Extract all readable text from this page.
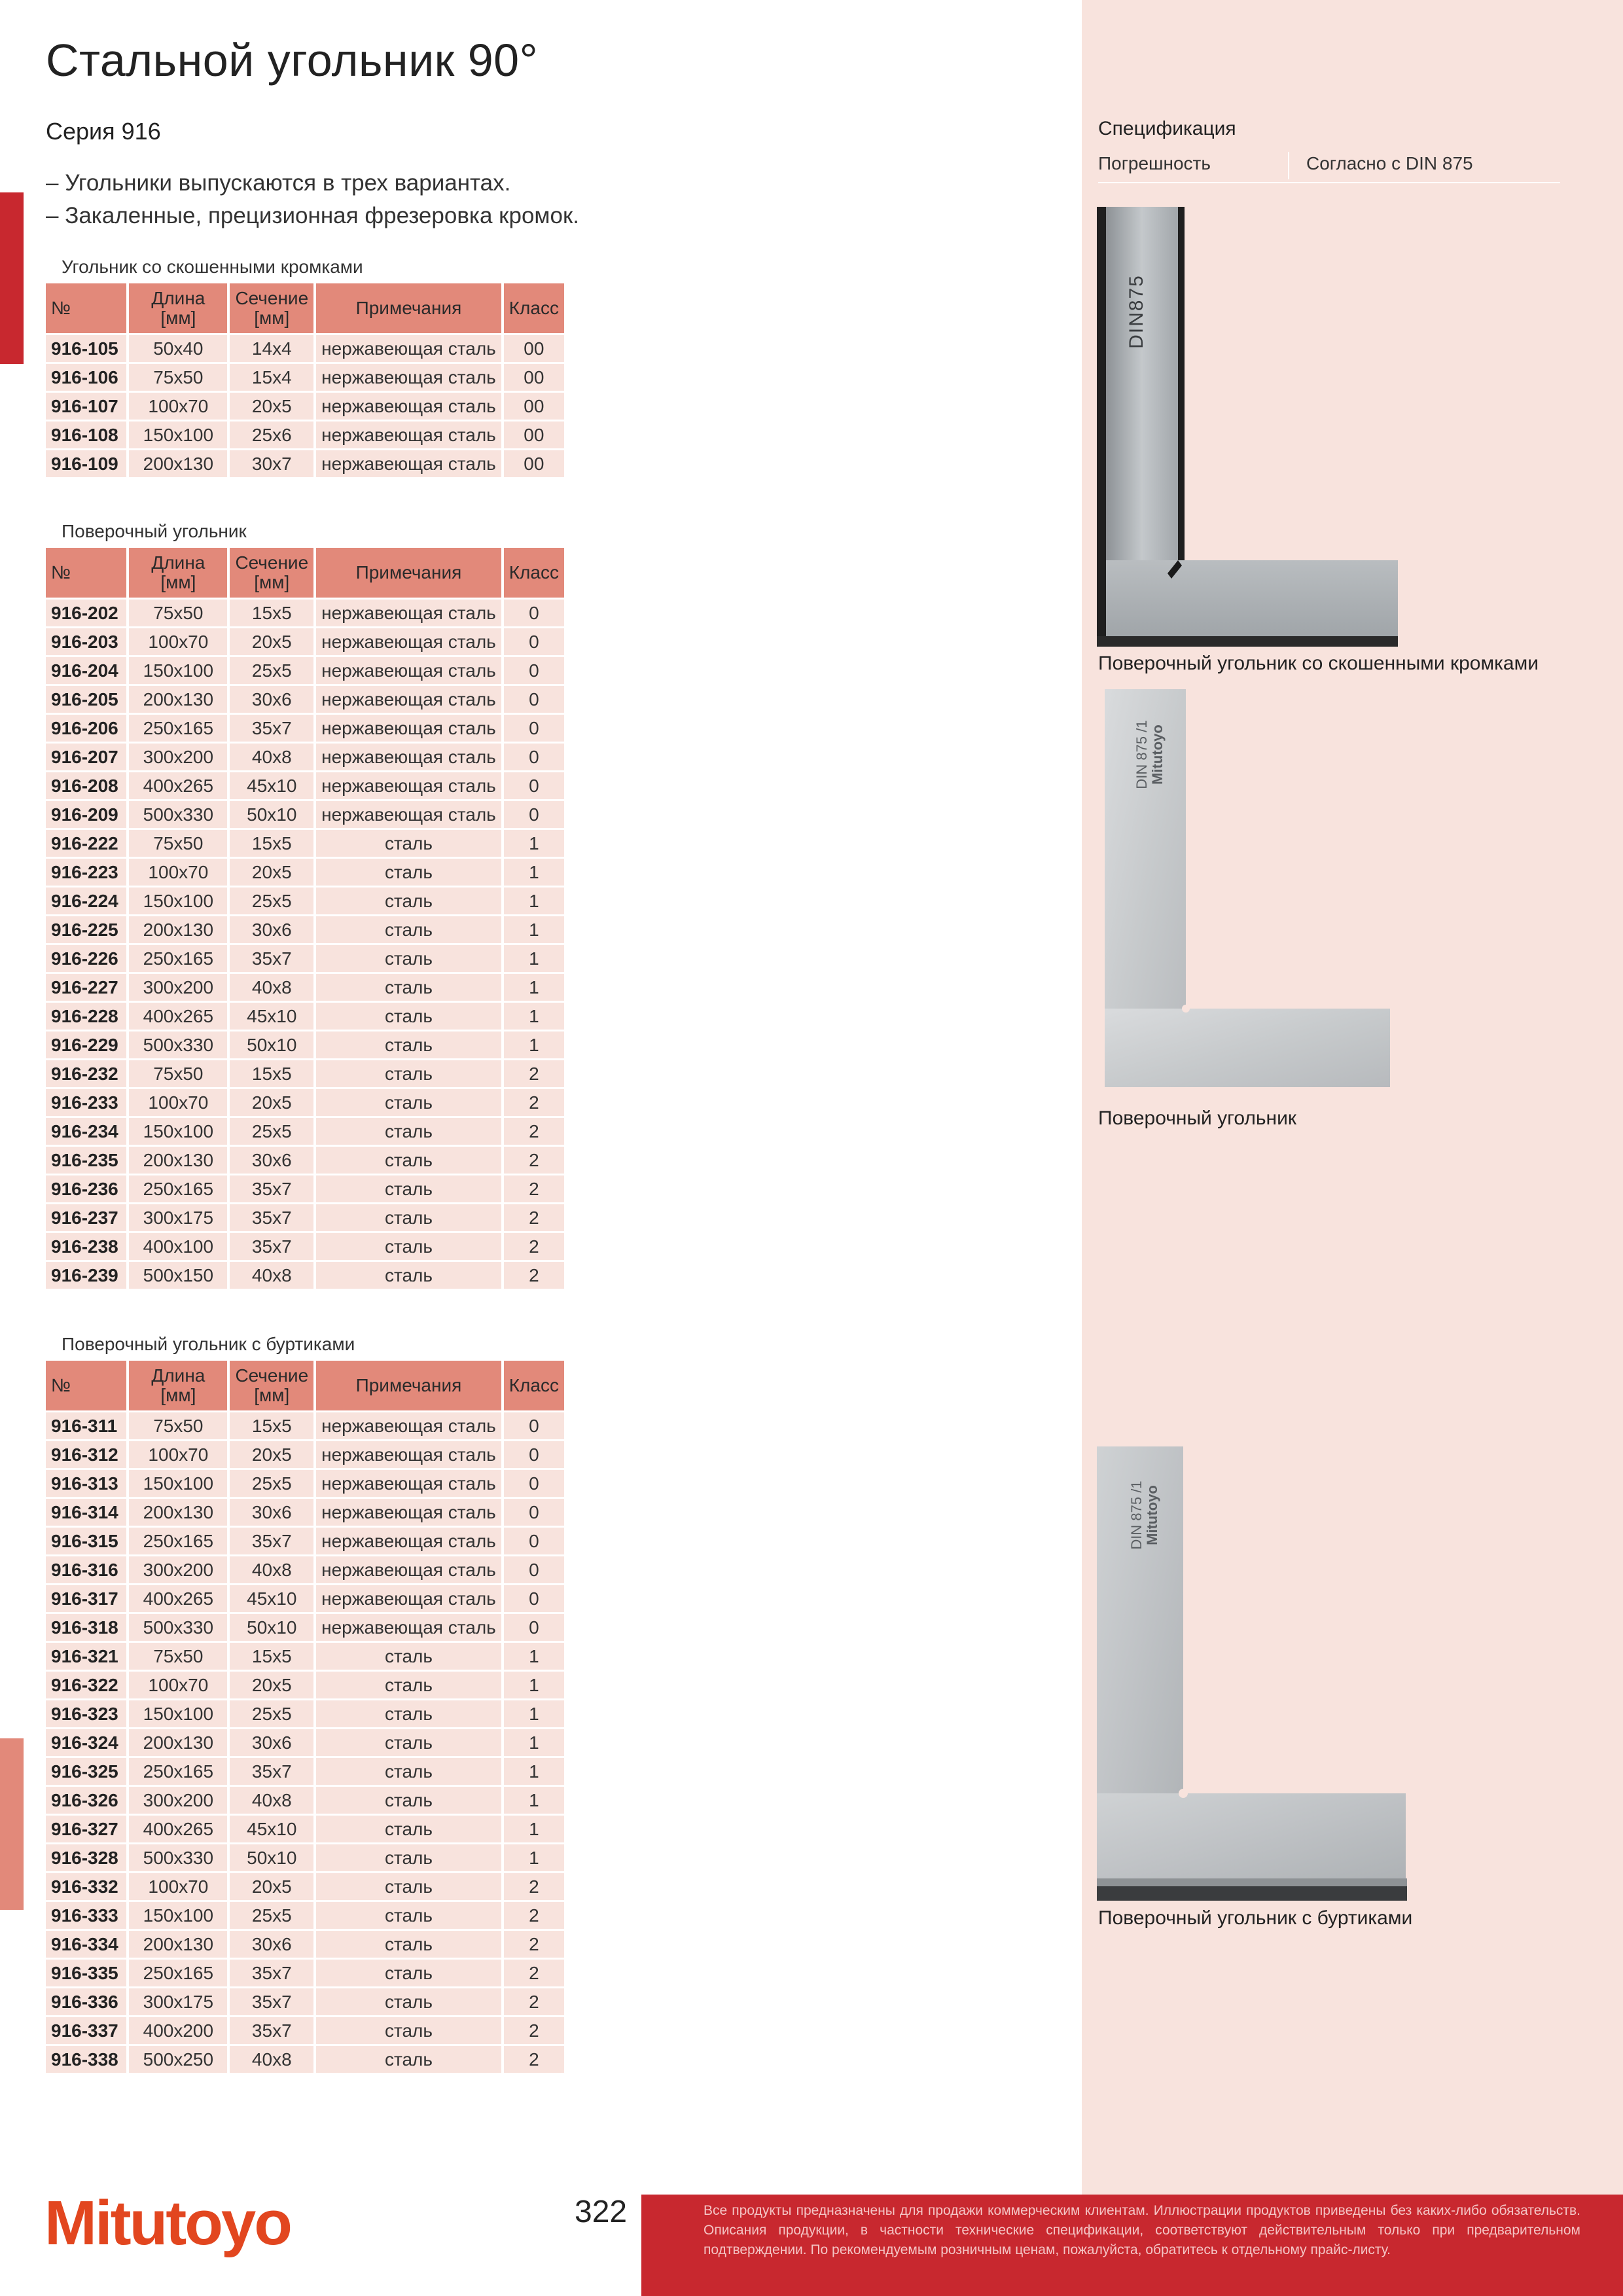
Стальной угольник 90°
Серия 916
– Угольники выпускаются в трех вариантах.
– Закаленные, прецизионная фрезеровка кромок.
Угольник со скошенными кромками
№	Длина [мм]	Сечение [мм]	Примечания	Класс
916-105	50x40	14x4	нержавеющая сталь	00
916-106	75x50	15x4	нержавеющая сталь	00
916-107	100x70	20x5	нержавеющая сталь	00
916-108	150x100	25x6	нержавеющая сталь	00
916-109	200x130	30x7	нержавеющая сталь	00
Поверочный угольник
№	Длина [мм]	Сечение [мм]	Примечания	Класс
916-202	75x50	15x5	нержавеющая сталь	0
916-203	100x70	20x5	нержавеющая сталь	0
916-204	150x100	25x5	нержавеющая сталь	0
916-205	200x130	30x6	нержавеющая сталь	0
916-206	250x165	35x7	нержавеющая сталь	0
916-207	300x200	40x8	нержавеющая сталь	0
916-208	400x265	45x10	нержавеющая сталь	0
916-209	500x330	50x10	нержавеющая сталь	0
916-222	75x50	15x5	сталь	1
916-223	100x70	20x5	сталь	1
916-224	150x100	25x5	сталь	1
916-225	200x130	30x6	сталь	1
916-226	250x165	35x7	сталь	1
916-227	300x200	40x8	сталь	1
916-228	400x265	45x10	сталь	1
916-229	500x330	50x10	сталь	1
916-232	75x50	15x5	сталь	2
916-233	100x70	20x5	сталь	2
916-234	150x100	25x5	сталь	2
916-235	200x130	30x6	сталь	2
916-236	250x165	35x7	сталь	2
916-237	300x175	35x7	сталь	2
916-238	400x100	35x7	сталь	2
916-239	500x150	40x8	сталь	2
Поверочный угольник с буртиками
№	Длина [мм]	Сечение [мм]	Примечания	Класс
916-311	75x50	15x5	нержавеющая сталь	0
916-312	100x70	20x5	нержавеющая сталь	0
916-313	150x100	25x5	нержавеющая сталь	0
916-314	200x130	30x6	нержавеющая сталь	0
916-315	250x165	35x7	нержавеющая сталь	0
916-316	300x200	40x8	нержавеющая сталь	0
916-317	400x265	45x10	нержавеющая сталь	0
916-318	500x330	50x10	нержавеющая сталь	0
916-321	75x50	15x5	сталь	1
916-322	100x70	20x5	сталь	1
916-323	150x100	25x5	сталь	1
916-324	200x130	30x6	сталь	1
916-325	250x165	35x7	сталь	1
916-326	300x200	40x8	сталь	1
916-327	400x265	45x10	сталь	1
916-328	500x330	50x10	сталь	1
916-332	100x70	20x5	сталь	2
916-333	150x100	25x5	сталь	2
916-334	200x130	30x6	сталь	2
916-335	250x165	35x7	сталь	2
916-336	300x175	35x7	сталь	2
916-337	400x200	35x7	сталь	2
916-338	500x250	40x8	сталь	2
Спецификация
Погрешность	Согласно с DIN 875
DIN875
Поверочный угольник со скошенными кромками
DIN 875 /1 Mitutoyo
Поверочный угольник
DIN 875 /1 Mitutoyo
Поверочный угольник с буртиками
Mitutoyo	322	Все продукты предназначены для продажи коммерческим клиентам. Иллюстрации продуктов приведены без каких-либо обязательств. Описания продукции, в частности технические спецификации, соответствуют действительным только при предварительном подтверждении. По рекомендуемым розничным ценам, пожалуйста, обратитесь к отдельному прайс-листу.
